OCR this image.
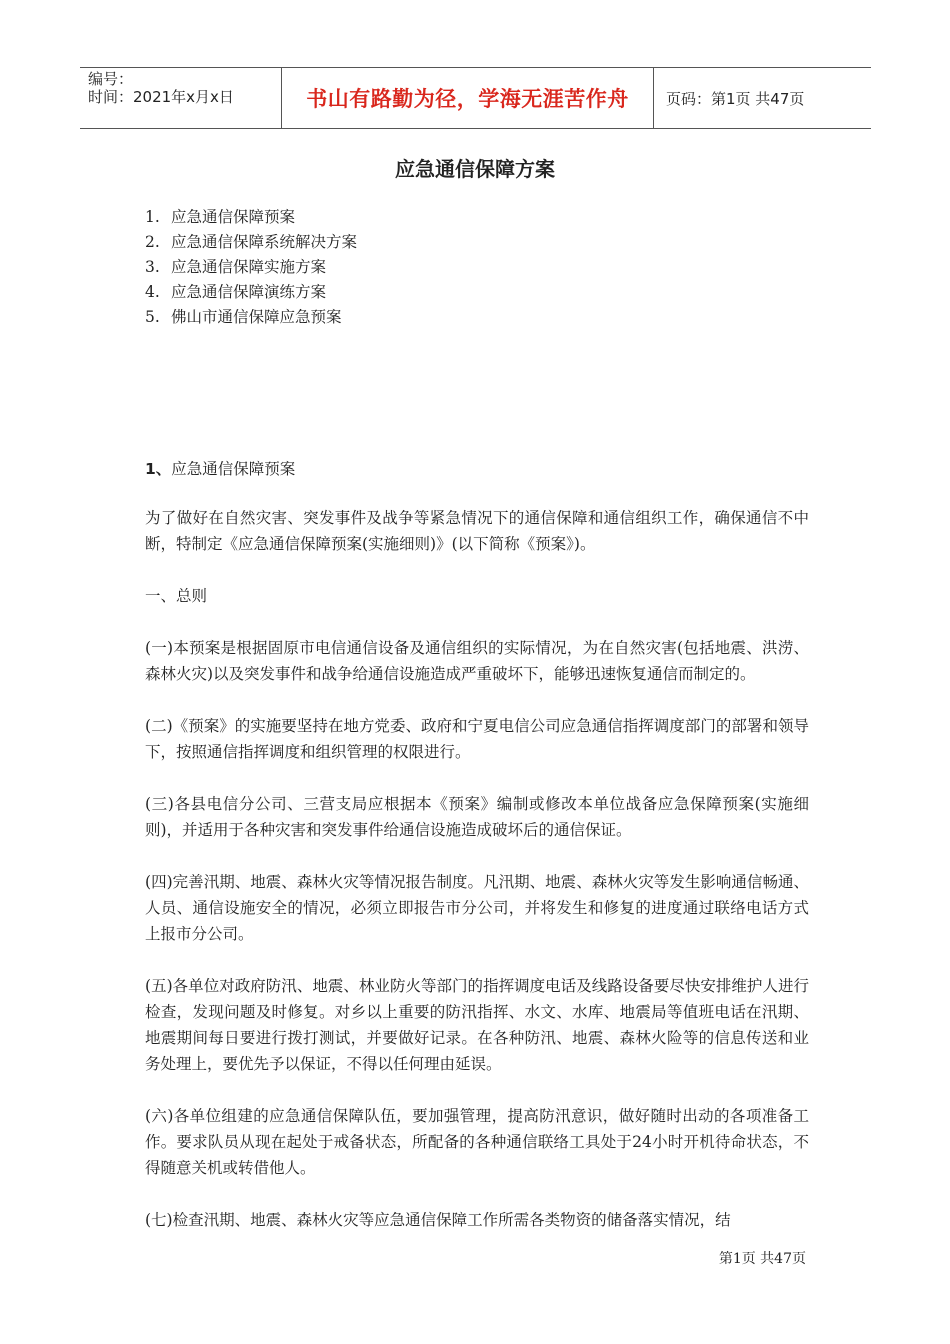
编号：
时间：2021年x月x日	书山有路勤为径，学海无涯苦作舟	页码：第1页 共47页
应急通信保障方案
1. 应急通信保障预案
2. 应急通信保障系统解决方案
3. 应急通信保障实施方案
4. 应急通信保障演练方案
5. 佛山市通信保障应急预案
1、应急通信保障预案

为了做好在自然灾害、突发事件及战争等紧急情况下的通信保障和通信组织工作，确保通信不中断，特制定《应急通信保障预案(实施细则)》(以下简称《预案》)。

一、总则

(一)本预案是根据固原市电信通信设备及通信组织的实际情况，为在自然灾害(包括地震、洪涝、森林火灾)以及突发事件和战争给通信设施造成严重破坏下，能够迅速恢复通信而制定的。

(二)《预案》的实施要坚持在地方党委、政府和宁夏电信公司应急通信指挥调度部门的部署和领导下，按照通信指挥调度和组织管理的权限进行。

(三)各县电信分公司、三营支局应根据本《预案》编制或修改本单位战备应急保障预案(实施细则)，并适用于各种灾害和突发事件给通信设施造成破坏后的通信保证。

(四)完善汛期、地震、森林火灾等情况报告制度。凡汛期、地震、森林火灾等发生影响通信畅通、人员、通信设施安全的情况，必须立即报告市分公司，并将发生和修复的进度通过联络电话方式上报市分公司。

(五)各单位对政府防汛、地震、林业防火等部门的指挥调度电话及线路设备要尽快安排维护人进行检查，发现问题及时修复。对乡以上重要的防汛指挥、水文、水库、地震局等值班电话在汛期、地震期间每日要进行拨打测试，并要做好记录。在各种防汛、地震、森林火险等的信息传送和业务处理上，要优先予以保证，不得以任何理由延误。

(六)各单位组建的应急通信保障队伍，要加强管理，提高防汛意识，做好随时出动的各项准备工作。要求队员从现在起处于戒备状态，所配备的各种通信联络工具处于24小时开机待命状态，不得随意关机或转借他人。

(七)检查汛期、地震、森林火灾等应急通信保障工作所需各类物资的储备落实情况，结

第1页 共47页
